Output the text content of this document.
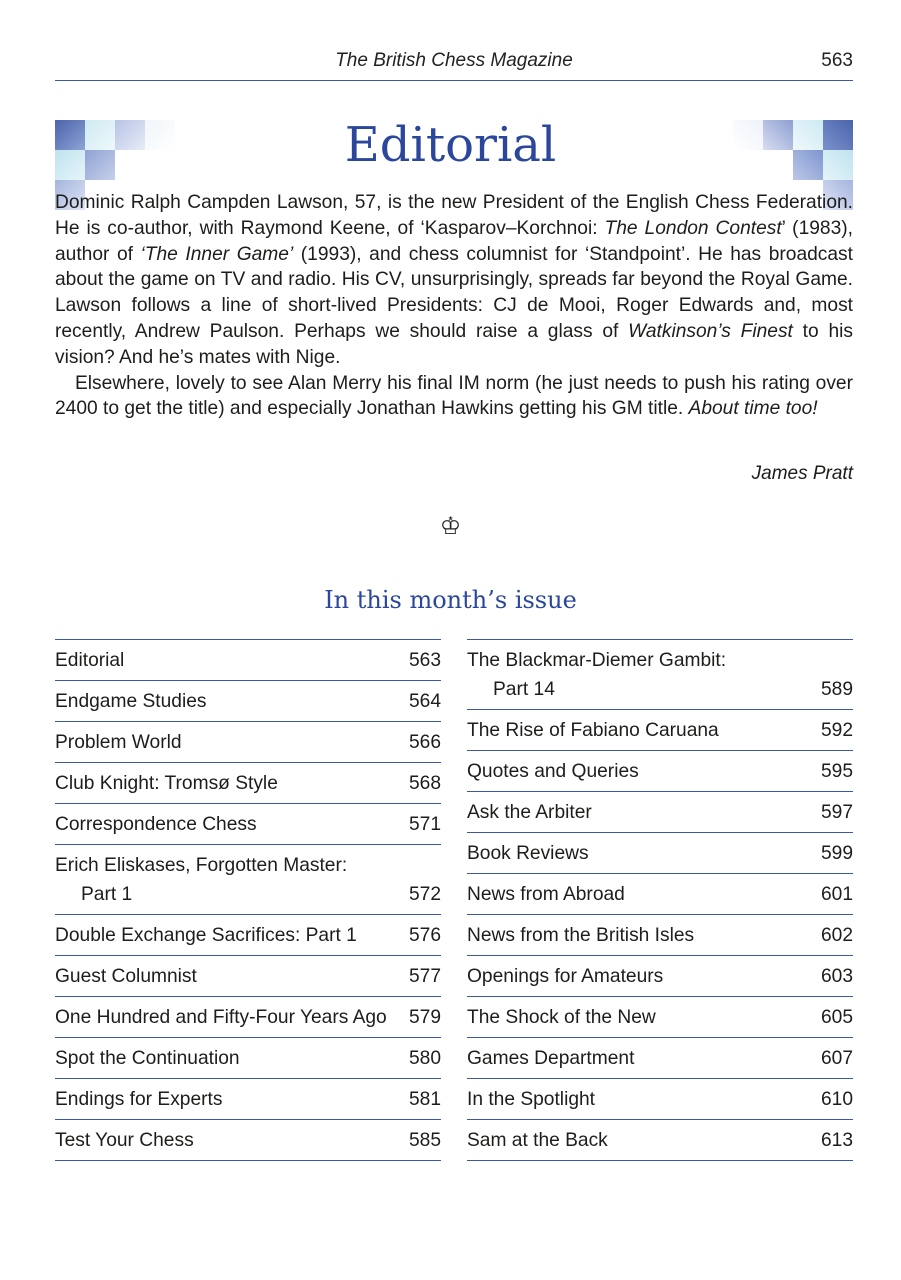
The British Chess Magazine	563
Editorial

Dominic Ralph Campden Lawson, 57, is the new President of the English Chess Federation. He is co-author, with Raymond Keene, of ‘Kasparov–Korchnoi: The London Contest’ (1983), author of ‘The Inner Game’ (1993), and chess columnist for ‘Standpoint’. He has broadcast about the game on TV and radio. His CV, unsurprisingly, spreads far beyond the Royal Game. Lawson follows a line of short-lived Presidents: CJ de Mooi, Roger Edwards and, most recently, Andrew Paulson. Perhaps we should raise a glass of Watkinson’s Finest to his vision? And he’s mates with Nige.

Elsewhere, lovely to see Alan Merry his final IM norm (he just needs to push his rating over 2400 to get the title) and especially Jonathan Hawkins getting his GM title. About time too!

James Pratt
♔
In this month’s issue
Editorial	563
Endgame Studies	564
Problem World	566
Club Knight: Tromsø Style	568
Correspondence Chess	571
Erich Eliskases, Forgotten Master:
Part 1	572
Double Exchange Sacrifices: Part 1	576
Guest Columnist	577
One Hundred and Fifty-Four Years Ago 579
Spot the Continuation	580
Endings for Experts	581
Test Your Chess	585
The Blackmar-Diemer Gambit:
Part 14	589
The Rise of Fabiano Caruana	592
Quotes and Queries	595
Ask the Arbiter	597
Book Reviews	599
News from Abroad	601
News from the British Isles	602
Openings for Amateurs	603
The Shock of the New	605
Games Department	607
In the Spotlight	610
Sam at the Back	613
